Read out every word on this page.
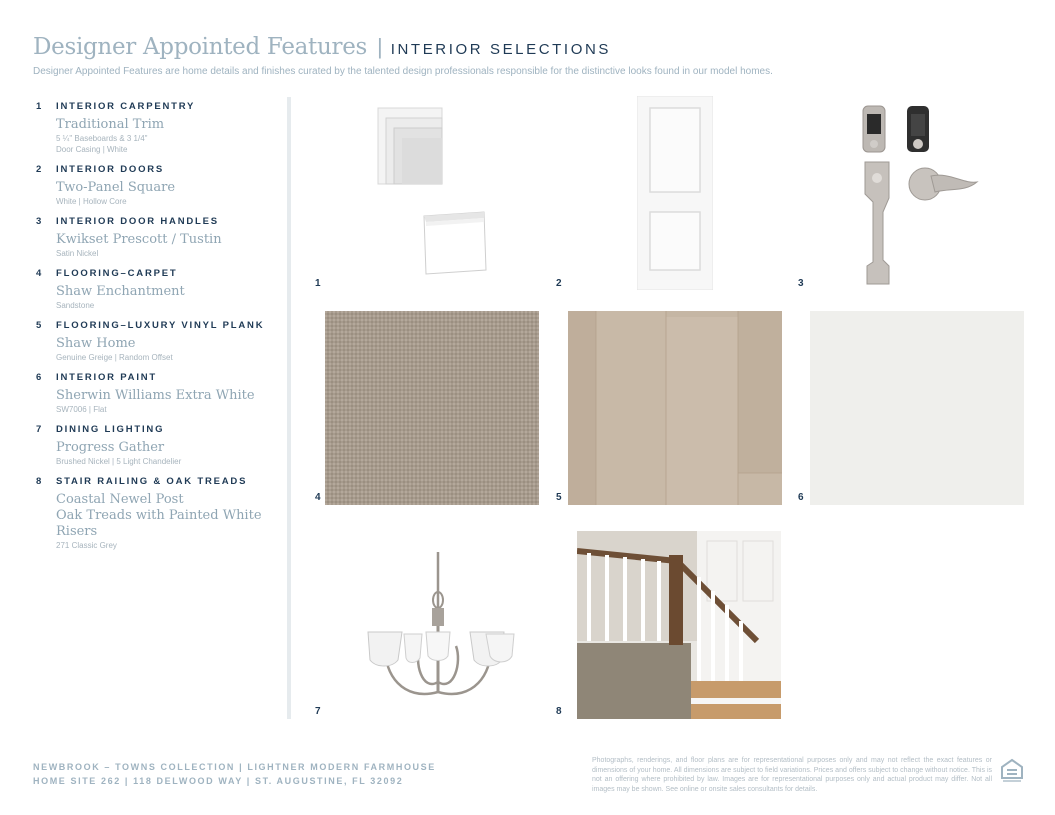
Designer Appointed Features | INTERIOR SELECTIONS
Designer Appointed Features are home details and finishes curated by the talented design professionals responsible for the distinctive looks found in our model homes.
1	INTERIOR CARPENTRY
Traditional Trim
5 ¼" Baseboards & 3 1/4"
Door Casing | White
2	INTERIOR DOORS
Two-Panel Square
White | Hollow Core
3	INTERIOR DOOR HANDLES
Kwikset Prescott / Tustin
Satin Nickel
4	FLOORING–CARPET
Shaw Enchantment
Sandstone
5	FLOORING–LUXURY VINYL PLANK
Shaw Home
Genuine Greige | Random Offset
6	INTERIOR PAINT
Sherwin Williams Extra White
SW7006 | Flat
7	DINING LIGHTING
Progress Gather
Brushed Nickel | 5 Light Chandelier
8	STAIR RAILING & OAK TREADS
Coastal Newel Post
Oak Treads with Painted White Risers
271 Classic Grey
1	2	3
4	5	6
7	8
NEWBROOK – TOWNS COLLECTION | LIGHTNER MODERN FARMHOUSE
HOME SITE 262 | 118 DELWOOD WAY | ST. AUGUSTINE, FL 32092
Photographs, renderings, and floor plans are for representational purposes only and may not reflect the exact features or dimensions of your home. All dimensions are subject to field variations. Prices and offers subject to change without notice. This is not an offering where prohibited by law. Images are for representational purposes only and actual product may differ. Not all images may be shown. See online or onsite sales consultants for details.
